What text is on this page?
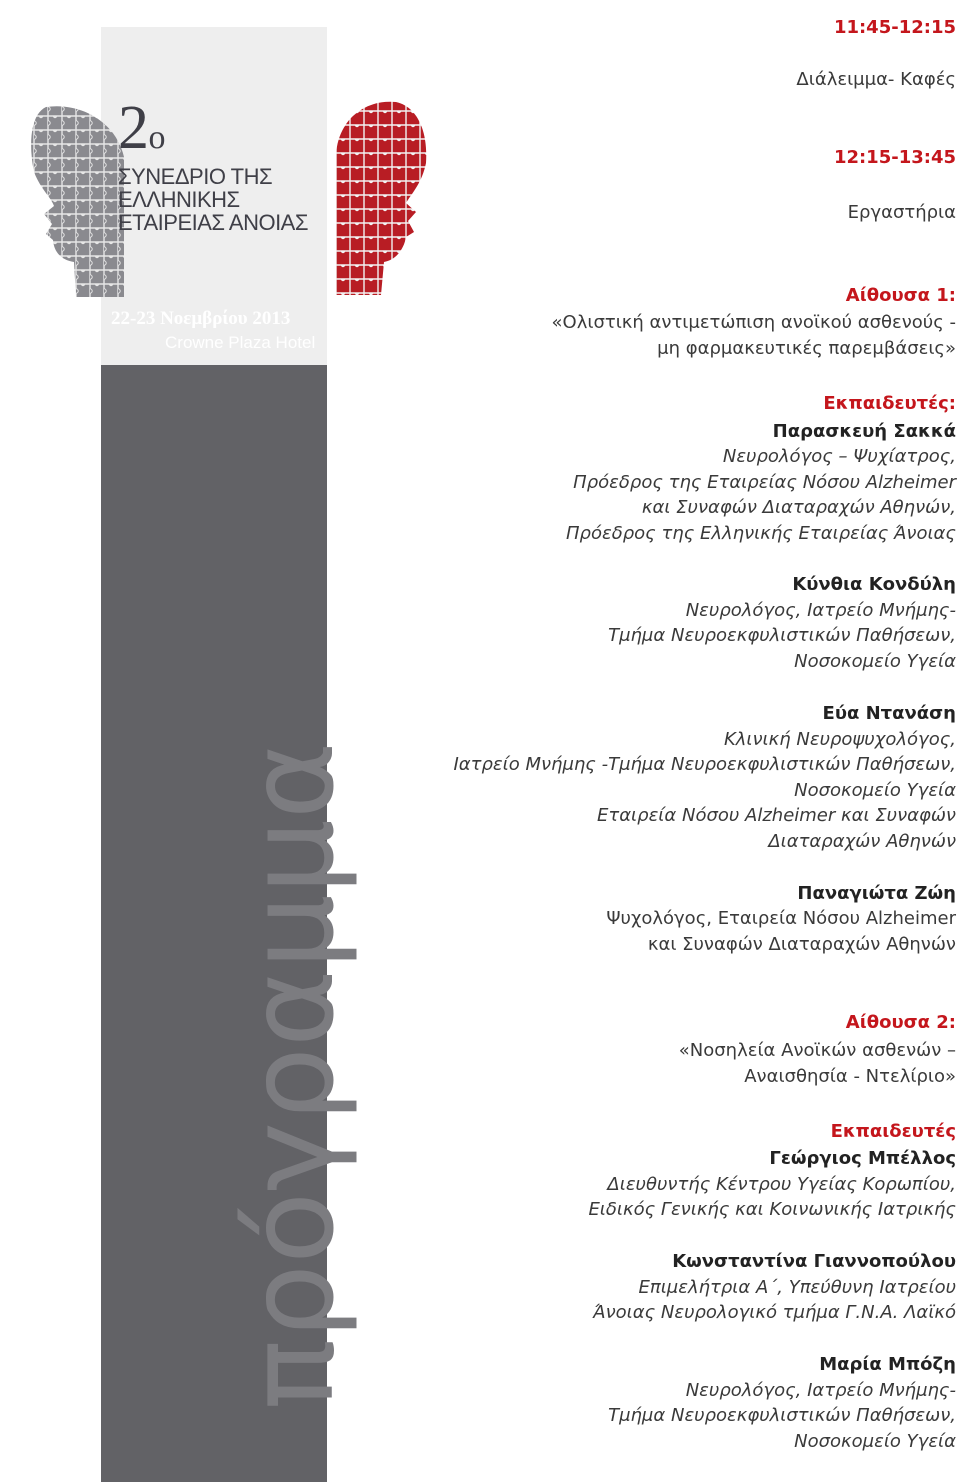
πρόγραμμα
22-23 Νοεμβρίου 2013
Crowne Plaza Hotel
2ο
ΣΥΝΕΔΡΙΟ ΤΗΣ
ΕΛΛΗΝΙΚΗΣ
ΕΤΑΙΡΕΙΑΣ ΑΝΟΙΑΣ
11:45-12:15
Διάλειμμα- Καφές
12:15-13:45
Εργαστήρια
Αίθουσα 1:
«Ολιστική αντιμετώπιση ανοϊκού ασθενούς -
μη φαρμακευτικές παρεμβάσεις»
Εκπαιδευτές:
Παρασκευή Σακκά
Νευρολόγος – Ψυχίατρος,
Πρόεδρος της Εταιρείας Νόσου Alzheimer
και Συναφών Διαταραχών Αθηνών,
Πρόεδρος της Ελληνικής Εταιρείας Άνοιας
Κύνθια Κονδύλη
Νευρολόγος, Ιατρείο Μνήμης-
Τμήμα Νευροεκφυλιστικών Παθήσεων,
Νοσοκομείο Υγεία
Εύα Ντανάση
Κλινική Νευροψυχολόγος,
Ιατρείο Μνήμης -Τμήμα Νευροεκφυλιστικών Παθήσεων,
Νοσοκομείο Υγεία
Εταιρεία Νόσου Alzheimer και Συναφών
Διαταραχών Αθηνών
Παναγιώτα Ζώη
Ψυχολόγος, Εταιρεία Νόσου Alzheimer
και Συναφών Διαταραχών Αθηνών
Αίθουσα 2:
«Νοσηλεία Ανοϊκών ασθενών –
Αναισθησία - Ντελίριο»
Εκπαιδευτές
Γεώργιος Μπέλλος
Διευθυντής Κέντρου Υγείας Κορωπίου,
Ειδικός Γενικής και Κοινωνικής Ιατρικής
Κωνσταντίνα Γιαννοπούλου
Επιμελήτρια Α΄, Υπεύθυνη Ιατρείου
Άνοιας Νευρολογικό τμήμα Γ.Ν.Α. Λαϊκό
Μαρία Μπόζη
Νευρολόγος, Ιατρείο Μνήμης-
Τμήμα Νευροεκφυλιστικών Παθήσεων,
Νοσοκομείο Υγεία
